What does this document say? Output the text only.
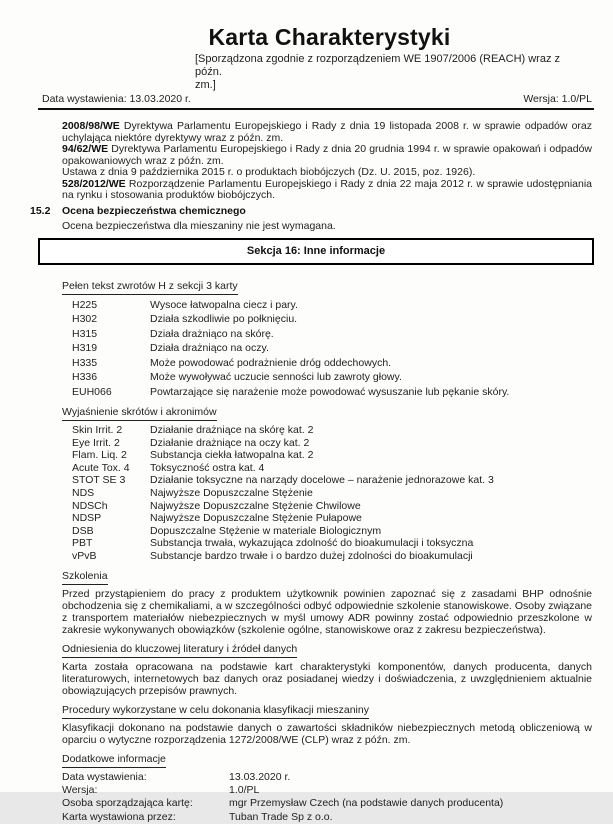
Karta Charakterystyki
[Sporządzona zgodnie z rozporządzeniem WE 1907/2006 (REACH) wraz z późn.
zm.]
Data wystawienia: 13.03.2020 r.	Wersja: 1.0/PL
2008/98/WE Dyrektywa Parlamentu Europejskiego i Rady z dnia 19 listopada 2008 r. w sprawie odpadów oraz uchylająca niektóre dyrektywy wraz z późn. zm.
94/62/WE Dyrektywa Parlamentu Europejskiego i Rady z dnia 20 grudnia 1994 r. w sprawie opakowań i odpadów opakowaniowych wraz z późn. zm.
Ustawa z dnia 9 października 2015 r. o produktach biobójczych (Dz. U. 2015, poz. 1926).
528/2012/WE Rozporządzenie Parlamentu Europejskiego i Rady z dnia 22 maja 2012 r. w sprawie udostępniania na rynku i stosowania produktów biobójczych.
15.2	Ocena bezpieczeństwa chemicznego
Ocena bezpieczeństwa dla mieszaniny nie jest wymagana.
Sekcja 16: Inne informacje
Pełen tekst zwrotów H z sekcji 3 karty
H225	Wysoce łatwopalna ciecz i pary.
H302	Działa szkodliwie po połknięciu.
H315	Działa drażniąco na skórę.
H319	Działa drażniąco na oczy.
H335	Może powodować podrażnienie dróg oddechowych.
H336	Może wywoływać uczucie senności lub zawroty głowy.
EUH066	Powtarzające się narażenie może powodować wysuszanie lub pękanie skóry.
Wyjaśnienie skrótów i akronimów
Skin Irrit. 2	Działanie drażniące na skórę kat. 2
Eye Irrit. 2	Działanie drażniące na oczy kat. 2
Flam. Liq. 2	Substancja ciekła łatwopalna kat. 2
Acute Tox. 4	Toksyczność ostra kat. 4
STOT SE 3	Działanie toksyczne na narządy docelowe – narażenie jednorazowe kat. 3
NDS	Najwyższe Dopuszczalne Stężenie
NDSCh	Najwyższe Dopuszczalne Stężenie Chwilowe
NDSP	Najwyższe Dopuszczalne Stężenie Pułapowe
DSB	Dopuszczalne Stężenie w materiale Biologicznym
PBT	Substancja trwała, wykazująca zdolność do bioakumulacji i toksyczna
vPvB	Substancje bardzo trwałe i o bardzo dużej zdolności do bioakumulacji
Szkolenia
Przed przystąpieniem do pracy z produktem użytkownik powinien zapoznać się z zasadami BHP odnośnie obchodzenia się z chemikaliami, a w szczególności odbyć odpowiednie szkolenie stanowiskowe. Osoby związane z transportem materiałów niebezpiecznych w myśl umowy ADR powinny zostać odpowiednio przeszkolone w zakresie wykonywanych obowiązków (szkolenie ogólne, stanowiskowe oraz z zakresu bezpieczeństwa).
Odniesienia do kluczowej literatury i źródeł danych
Karta została opracowana na podstawie kart charakterystyki komponentów, danych producenta, danych literaturowych, internetowych baz danych oraz posiadanej wiedzy i doświadczenia, z uwzględnieniem aktualnie obowiązujących przepisów prawnych.
Procedury wykorzystane w celu dokonania klasyfikacji mieszaniny
Klasyfikacji dokonano na podstawie danych o zawartości składników niebezpiecznych metodą obliczeniową w oparciu o wytyczne rozporządzenia 1272/2008/WE (CLP) wraz z późn. zm.
Dodatkowe informacje
Data wystawienia:	13.03.2020 r.
Wersja:	1.0/PL
Osoba sporządzająca kartę:	mgr Przemysław Czech (na podstawie danych producenta)
Karta wystawiona przez:	Tuban Trade Sp z o.o.
